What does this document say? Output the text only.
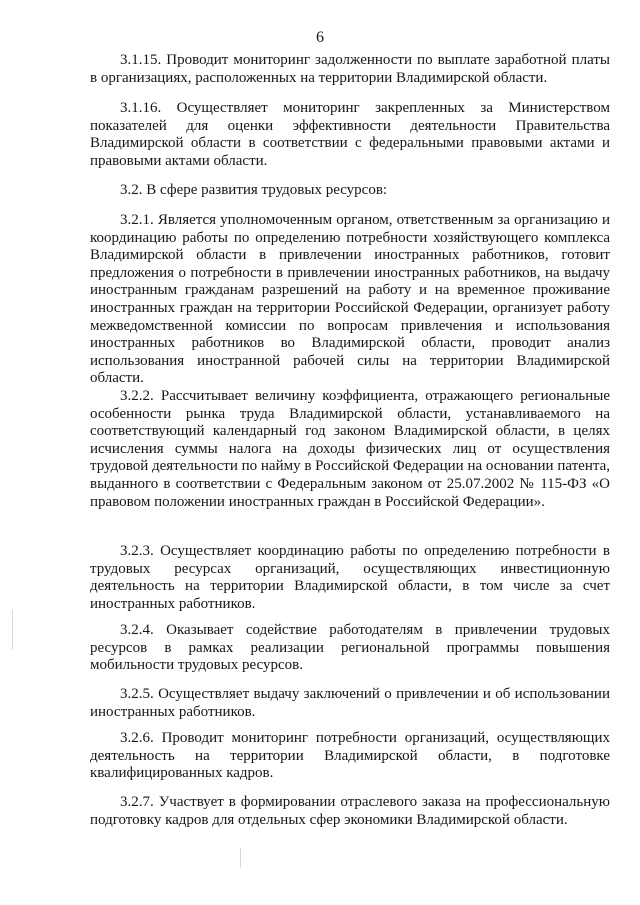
6

3.1.15. Проводит мониторинг задолженности по выплате заработной платы в организациях, расположенных на территории Владимирской области.

3.1.16. Осуществляет мониторинг закрепленных за Министерством показателей для оценки эффективности деятельности Правительства Владимирской области в соответствии с федеральными правовыми актами и правовыми актами области.

3.2. В сфере развития трудовых ресурсов:

3.2.1. Является уполномоченным органом, ответственным за организацию и координацию работы по определению потребности хозяйствующего комплекса Владимирской области в привлечении иностранных работников, готовит предложения о потребности в привлечении иностранных работников, на выдачу иностранным гражданам разрешений на работу и на временное проживание иностранных граждан на территории Российской Федерации, организует работу межведомственной комиссии по вопросам привлечения и использования иностранных работников во Владимирской области, проводит анализ использования иностранной рабочей силы на территории Владимирской области.

3.2.2. Рассчитывает величину коэффициента, отражающего региональные особенности рынка труда Владимирской области, устанавливаемого на соответствующий календарный год законом Владимирской области, в целях исчисления суммы налога на доходы физических лиц от осуществления трудовой деятельности по найму в Российской Федерации на основании патента, выданного в соответствии с Федеральным законом от 25.07.2002 № 115-ФЗ «О правовом положении иностранных граждан в Российской Федерации».

3.2.3. Осуществляет координацию работы по определению потребности в трудовых ресурсах организаций, осуществляющих инвестиционную деятельность на территории Владимирской области, в том числе за счет иностранных работников.

3.2.4. Оказывает содействие работодателям в привлечении трудовых ресурсов в рамках реализации региональной программы повышения мобильности трудовых ресурсов.

3.2.5. Осуществляет выдачу заключений о привлечении и об использовании иностранных работников.

3.2.6. Проводит мониторинг потребности организаций, осуществляющих деятельность на территории Владимирской области, в подготовке квалифицированных кадров.

3.2.7. Участвует в формировании отраслевого заказа на профессиональную подготовку кадров для отдельных сфер экономики Владимирской области.
